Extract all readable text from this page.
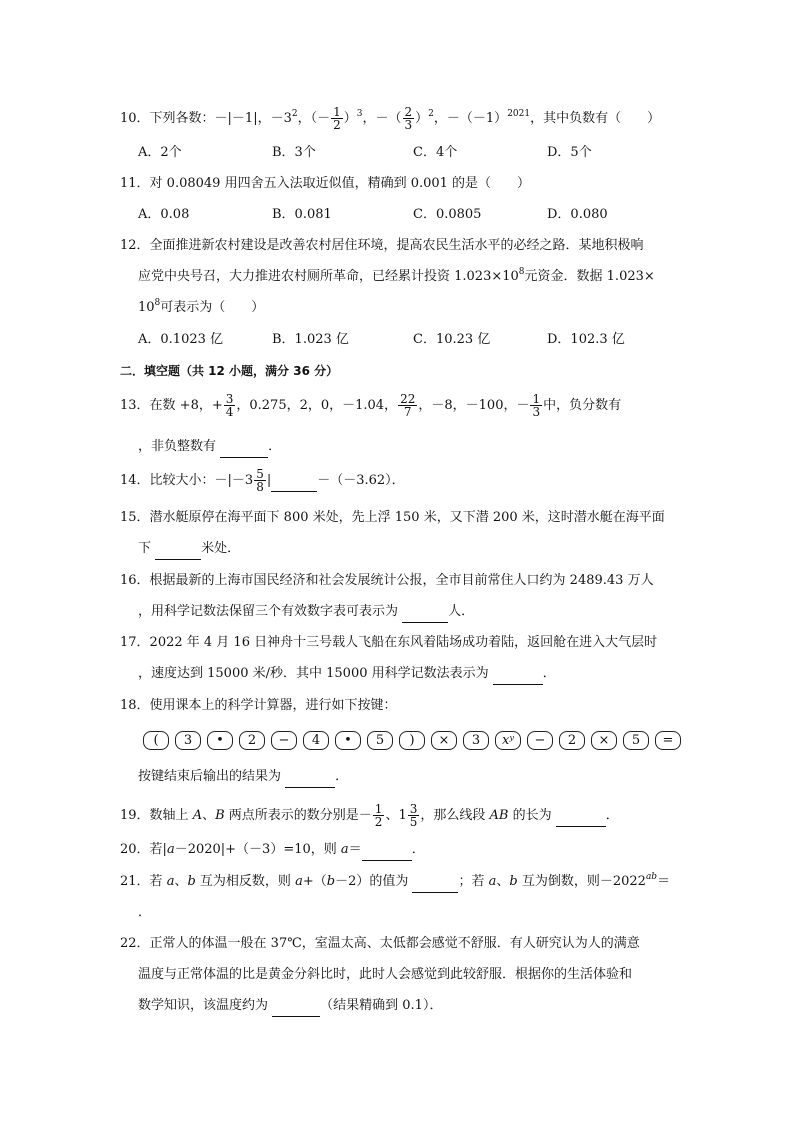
10．下列各数：－|－1|，$-3^2$，（－ $\frac{1}{2} )^3$，－（ $\frac{2}{3} )^2$，$-(-1)^{2021}$，其中负数有（　　）
A．2个	B．3个	C．4个	D．5个
11．对 0.08049 用四舍五入法取近似值，精确到 0.001 的是（　　）
A．0.08	B．0.081	C．0.0805	D．0.080
12．全面推进新农村建设是改善农村居住环境，提高农民生活水平的必经之路．某地积极响
应党中央号召，大力推进农村厕所革命，已经累计投资 $1.023\times 10^8$元资金．数据 1.023×
$10^8$可表示为（　　）
A．0.1023 亿	B．1.023 亿	C．10.23 亿	D．102.3 亿
二．填空题（共 12 小题，满分 36 分）
13．在数 +8，+ $\frac{3}{4}$ ，0.275，2，0，－1.04， $\frac{22}{7}$ ，－8，－100，－ $\frac{1}{3}$ 中，负分数有
，非负整数有	．
14．比较大小：$-|-3 \frac{5}{8}$ |	－（－3.62）．
15．潜水艇原停在海平面下 800 米处，先上浮 150 米，又下潜 200 米，这时潜水艇在海平面
下	米处．
16．根据最新的上海市国民经济和社会发展统计公报，全市目前常住人口约为 2489.43 万人
，用科学记数法保留三个有效数字表可表示为	人．
17．2022 年 4 月 16 日神舟十三号载人飞船在东风着陆场成功着陆，返回舱在进入大气层时
，速度达到 15000 米/秒．其中 15000 用科学记数法表示为	．
18．使用课本上的科学计算器，进行如下按键：
(	3	•	2	−	4	•	5	)	×	3	xʸ	−	2	×	5	=
按键结束后输出的结果为	．
19．数轴上 A、B 两点所表示的数分别是－ $\frac{1}{2}$ 、$1 \frac{3}{5}$ ，那么线段 AB 的长为	．
20．若|a－2020|+（－3）=10，则 a＝	．
21．若 a、b 互为相反数，则 a+（b－2）的值为	；若 a、b 互为倒数，则$-2022^{ab}=$
．
22．正常人的体温一般在 37℃，室温太高、太低都会感觉不舒服．有人研究认为人的满意
温度与正常体温的比是黄金分斜比时，此时人会感觉到此较舒服．根据你的生活体验和
数学知识，该温度约为	（结果精确到 0.1）．
